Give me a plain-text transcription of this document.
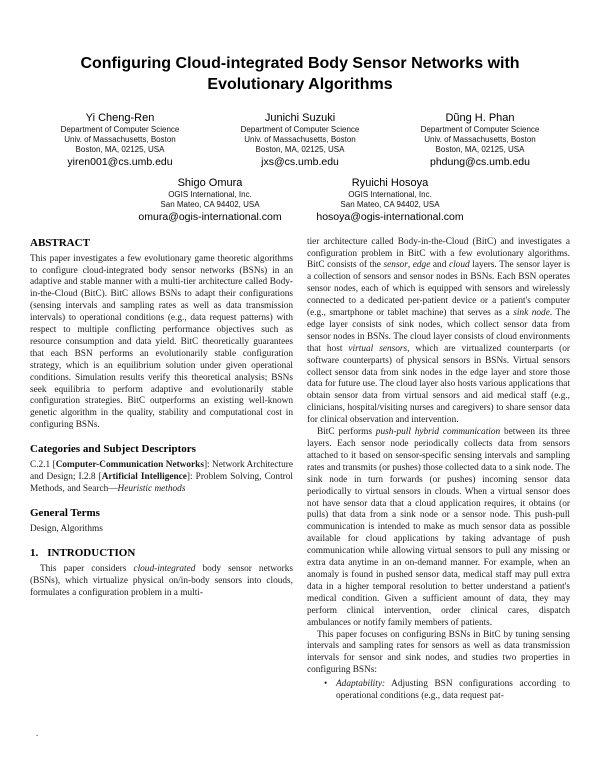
Configuring Cloud-integrated Body Sensor Networks with Evolutionary Algorithms
Yi Cheng-Ren
Department of Computer Science
Univ. of Massachusetts, Boston
Boston, MA, 02125, USA
yiren001@cs.umb.edu
Junichi Suzuki
Department of Computer Science
Univ. of Massachusetts, Boston
Boston, MA, 02125, USA
jxs@cs.umb.edu
Dũng H. Phan
Department of Computer Science
Univ. of Massachusetts, Boston
Boston, MA, 02125, USA
phdung@cs.umb.edu
Shigo Omura
OGIS International, Inc.
San Mateo, CA 94402, USA
omura@ogis-international.com
Ryuichi Hosoya
OGIS International, Inc.
San Mateo, CA 94402, USA
hosoya@ogis-international.com
ABSTRACT

This paper investigates a few evolutionary game theoretic algorithms to configure cloud-integrated body sensor networks (BSNs) in an adaptive and stable manner with a multi-tier architecture called Body-in-the-Cloud (BitC). BitC allows BSNs to adapt their configurations (sensing intervals and sampling rates as well as data transmission intervals) to operational conditions (e.g., data request patterns) with respect to multiple conflicting performance objectives such as resource consumption and data yield. BitC theoretically guarantees that each BSN performs an evolutionarily stable configuration strategy, which is an equilibrium solution under given operational conditions. Simulation results verify this theoretical analysis; BSNs seek equilibria to perform adaptive and evolutionarily stable configuration strategies. BitC outperforms an existing well-known genetic algorithm in the quality, stability and computational cost in configuring BSNs.

Categories and Subject Descriptors

C.2.1 [Computer-Communication Networks]: Network Architecture and Design; I.2.8 [Artificial Intelligence]: Problem Solving, Control Methods, and Search—Heuristic methods

General Terms

Design, Algorithms

1. INTRODUCTION

This paper considers cloud-integrated body sensor networks (BSNs), which virtualize physical on/in-body sensors into clouds, formulates a configuration problem in a multi-

tier architecture called Body-in-the-Cloud (BitC) and investigates a configuration problem in BitC with a few evolutionary algorithms. BitC consists of the sensor, edge and cloud layers. The sensor layer is a collection of sensors and sensor nodes in BSNs. Each BSN operates sensor nodes, each of which is equipped with sensors and wirelessly connected to a dedicated per-patient device or a patient's computer (e.g., smartphone or tablet machine) that serves as a sink node. The edge layer consists of sink nodes, which collect sensor data from sensor nodes in BSNs. The cloud layer consists of cloud environments that host virtual sensors, which are virtualized counterparts (or software counterparts) of physical sensors in BSNs. Virtual sensors collect sensor data from sink nodes in the edge layer and store those data for future use. The cloud layer also hosts various applications that obtain sensor data from virtual sensors and aid medical staff (e.g., clinicians, hospital/visiting nurses and caregivers) to share sensor data for clinical observation and intervention.

BitC performs push-pull hybrid communication between its three layers. Each sensor node periodically collects data from sensors attached to it based on sensor-specific sensing intervals and sampling rates and transmits (or pushes) those collected data to a sink node. The sink node in turn forwards (or pushes) incoming sensor data periodically to virtual sensors in clouds. When a virtual sensor does not have sensor data that a cloud application requires, it obtains (or pulls) that data from a sink node or a sensor node. This push-pull communication is intended to make as much sensor data as possible available for cloud applications by taking advantage of push communication while allowing virtual sensors to pull any missing or extra data anytime in an on-demand manner. For example, when an anomaly is found in pushed sensor data, medical staff may pull extra data in a higher temporal resolution to better understand a patient's medical condition. Given a sufficient amount of data, they may perform clinical intervention, order clinical cares, dispatch ambulances or notify family members of patients.

This paper focuses on configuring BSNs in BitC by tuning sensing intervals and sampling rates for sensors as well as data transmission intervals for sensor and sink nodes, and studies two properties in configuring BSNs:

• Adaptability: Adjusting BSN configurations according to operational conditions (e.g., data request pat-
.
